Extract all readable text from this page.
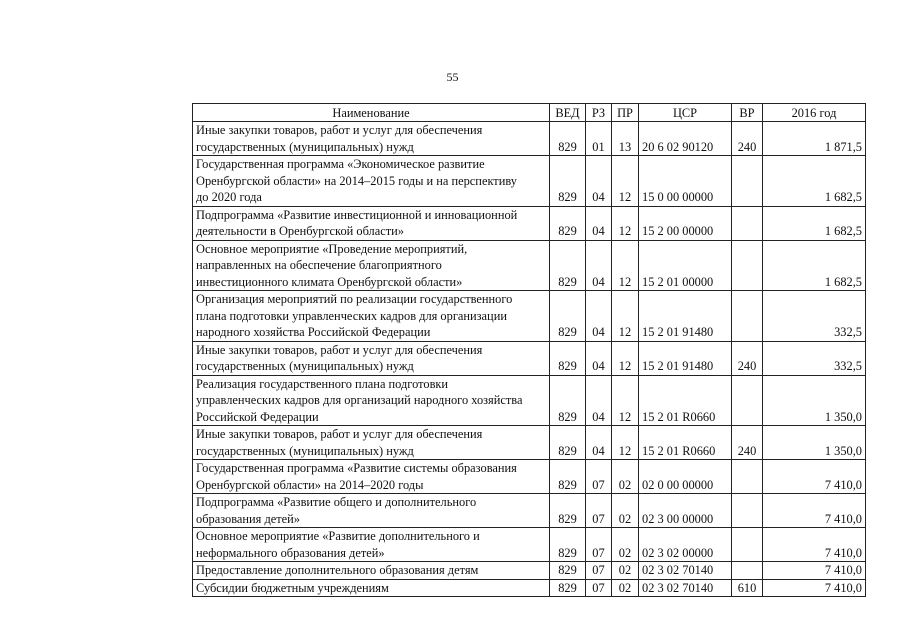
55
Наименование	ВЕД	РЗ	ПР	ЦСР	ВР	2016 год

Иные закупки товаров, работ и услуг для обеспечения
государственных (муниципальных) нужд	829	01	13	20 6 02 90120	240	1 871,5

Государственная программа «Экономическое развитие
Оренбургской области» на 2014–2015 годы и на перспективу
до 2020 года	829	04	12	15 0 00 00000		1 682,5

Подпрограмма «Развитие инвестиционной и инновационной
деятельности в Оренбургской области»	829	04	12	15 2 00 00000		1 682,5

Основное мероприятие «Проведение мероприятий,
направленных на обеспечение благоприятного
инвестиционного климата Оренбургской области»	829	04	12	15 2 01 00000		1 682,5

Организация мероприятий по реализации государственного
плана подготовки управленческих кадров для организации
народного хозяйства Российской Федерации	829	04	12	15 2 01 91480		332,5

Иные закупки товаров, работ и услуг для обеспечения
государственных (муниципальных) нужд	829	04	12	15 2 01 91480	240	332,5

Реализация государственного плана подготовки
управленческих кадров для организаций народного хозяйства
Российской Федерации	829	04	12	15 2 01 R0660		1 350,0

Иные закупки товаров, работ и услуг для обеспечения
государственных (муниципальных) нужд	829	04	12	15 2 01 R0660	240	1 350,0

Государственная программа «Развитие системы образования
Оренбургской области» на 2014–2020 годы	829	07	02	02 0 00 00000		7 410,0

Подпрограмма «Развитие общего и дополнительного
образования детей»	829	07	02	02 3 00 00000		7 410,0

Основное мероприятие «Развитие дополнительного и
неформального образования детей»	829	07	02	02 3 02 00000		7 410,0

Предоставление дополнительного образования детям	829	07	02	02 3 02 70140		7 410,0

Субсидии бюджетным учреждениям	829	07	02	02 3 02 70140	610	7 410,0
